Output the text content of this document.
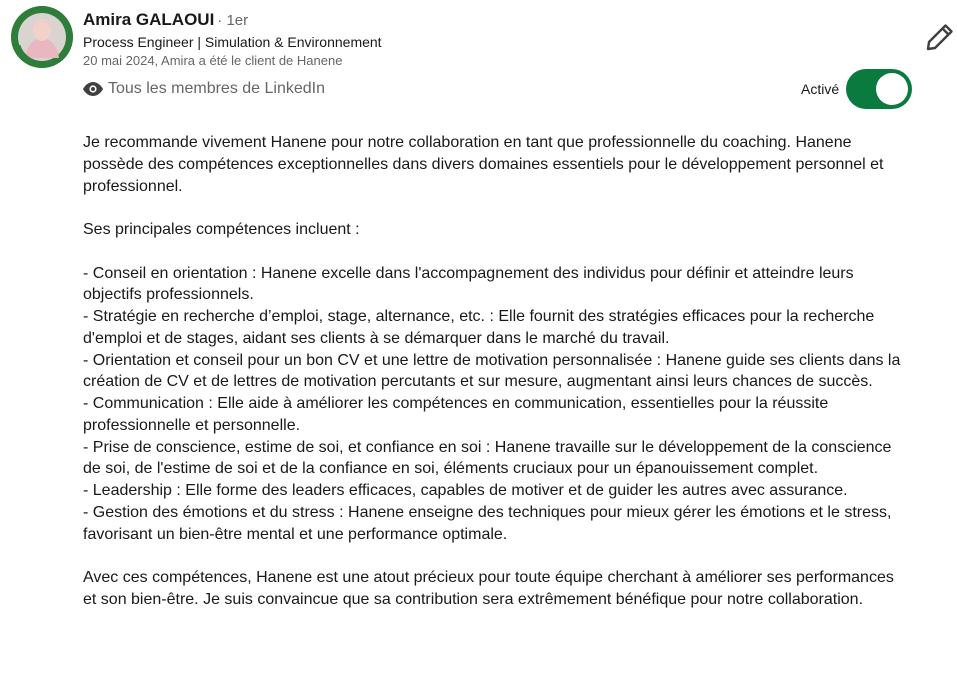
Amira GALAOUI · 1er
Process Engineer | Simulation & Environnement
20 mai 2024, Amira a été le client de Hanene
Tous les membres de LinkedIn	Activé
Je recommande vivement Hanene pour notre collaboration en tant que professionnelle du coaching. Hanene possède des compétences exceptionnelles dans divers domaines essentiels pour le développement personnel et professionnel.

Ses principales compétences incluent :

- Conseil en orientation : Hanene excelle dans l'accompagnement des individus pour définir et atteindre leurs objectifs professionnels.
- Stratégie en recherche d’emploi, stage, alternance, etc. : Elle fournit des stratégies efficaces pour la recherche d'emploi et de stages, aidant ses clients à se démarquer dans le marché du travail.
- Orientation et conseil pour un bon CV et une lettre de motivation personnalisée : Hanene guide ses clients dans la création de CV et de lettres de motivation percutants et sur mesure, augmentant ainsi leurs chances de succès.
- Communication : Elle aide à améliorer les compétences en communication, essentielles pour la réussite professionnelle et personnelle.
- Prise de conscience, estime de soi, et confiance en soi : Hanene travaille sur le développement de la conscience de soi, de l'estime de soi et de la confiance en soi, éléments cruciaux pour un épanouissement complet.
- Leadership : Elle forme des leaders efficaces, capables de motiver et de guider les autres avec assurance.
- Gestion des émotions et du stress : Hanene enseigne des techniques pour mieux gérer les émotions et le stress, favorisant un bien-être mental et une performance optimale.

Avec ces compétences, Hanene est une atout précieux pour toute équipe cherchant à améliorer ses performances et son bien-être. Je suis convaincue que sa contribution sera extrêmement bénéfique pour notre collaboration.
